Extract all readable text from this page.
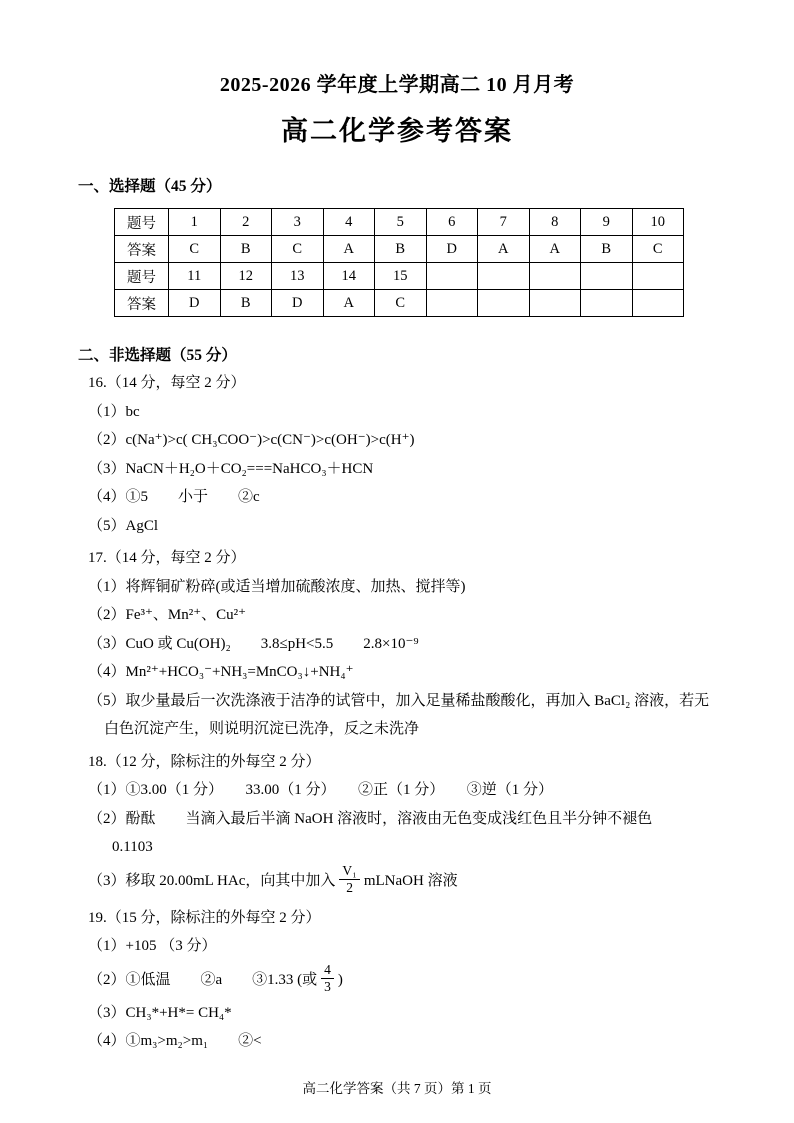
2025-2026 学年度上学期高二 10 月月考
高二化学参考答案
一、选择题（45 分）
题号	1	2	3	4	5	6	7	8	9	10
答案	C	B	C	A	B	D	A	A	B	C
题号	11	12	13	14	15					
答案	D	B	D	A	C					
二、非选择题（55 分）
16.（14 分，每空 2 分）
（1）bc
（2）c(Na⁺)>c( CH₃COO⁻)>c(CN⁻)>c(OH⁻)>c(H⁺)
（3）NaCN＋H₂O＋CO₂===NaHCO₃＋HCN
（4）①5　　小于　　②c
（5）AgCl
17.（14 分，每空 2 分）
（1）将辉铜矿粉碎(或适当增加硫酸浓度、加热、搅拌等)
（2）Fe³⁺、Mn²⁺、Cu²⁺
（3）CuO 或 Cu(OH)₂　　3.8≤pH<5.5　　2.8×10⁻⁹
（4）Mn²⁺+HCO₃⁻+NH₃=MnCO₃↓+NH₄⁺
（5）取少量最后一次洗涤液于洁净的试管中，加入足量稀盐酸酸化，再加入 BaCl₂ 溶液，若无白色沉淀产生，则说明沉淀已洗净，反之未洗净
18.（12 分，除标注的外每空 2 分）
（1）①3.00（1 分）　　33.00（1 分）　　②正（1 分）　　③逆（1 分）
（2）酚酞　　当滴入最后半滴 NaOH 溶液时，溶液由无色变成浅红色且半分钟不褪色
0.1103
（3）移取 20.00mL HAc，向其中加入 $\frac{\text{V₁}}{2}$ mLNaOH 溶液
19.（15 分，除标注的外每空 2 分）
（1）+105 （3 分）
（2）①低温　　②a　　③1.33 (或 $\frac{4}{3}$ )
（3）CH₃*+H*= CH₄*
（4）①m₃>m₂>m₁　　②<
高二化学答案（共 7 页）第 1 页
